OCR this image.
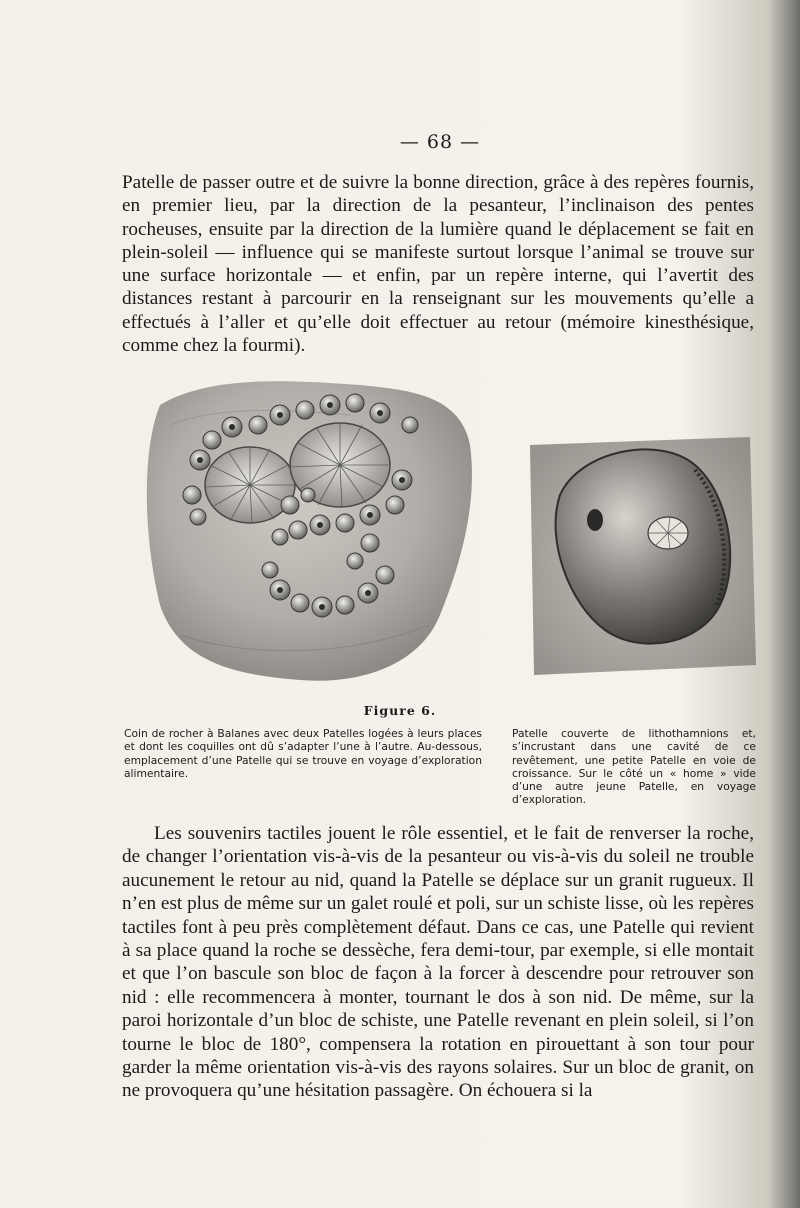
— 68 —

Patelle de passer outre et de suivre la bonne direction, grâce à des repères fournis, en premier lieu, par la direction de la pesanteur, l’inclinaison des pentes rocheuses, ensuite par la direction de la lumière quand le déplacement se fait en plein-soleil — influence qui se manifeste surtout lorsque l’animal se trouve sur une surface horizontale — et enfin, par un repère interne, qui l’avertit des distances restant à parcourir en la renseignant sur les mouvements qu’elle a effectués à l’aller et qu’elle doit effectuer au retour (mémoire kinesthésique, comme chez la fourmi).

Figure 6.

Coin de rocher à Balanes avec deux Patelles logées à leurs places et dont les coquilles ont dû s’adapter l’une à l’autre. Au-dessous, emplacement d’une Patelle qui se trouve en voyage d’exploration alimentaire.

Patelle couverte de lithothamnions et, s’incrustant dans une cavité de ce revêtement, une petite Patelle en voie de croissance. Sur le côté un « home » vide d’une autre jeune Patelle, en voyage d’exploration.

Les souvenirs tactiles jouent le rôle essentiel, et le fait de renverser la roche, de changer l’orientation vis-à-vis de la pesanteur ou vis-à-vis du soleil ne trouble aucunement le retour au nid, quand la Patelle se déplace sur un granit rugueux. Il n’en est plus de même sur un galet roulé et poli, sur un schiste lisse, où les repères tactiles font à peu près complètement défaut. Dans ce cas, une Patelle qui revient à sa place quand la roche se dessèche, fera demi-tour, par exemple, si elle montait et que l’on bascule son bloc de façon à la forcer à descendre pour retrouver son nid : elle recommencera à monter, tournant le dos à son nid. De même, sur la paroi horizontale d’un bloc de schiste, une Patelle revenant en plein soleil, si l’on tourne le bloc de 180°, compensera la rotation en pirouettant à son tour pour garder la même orientation vis-à-vis des rayons solaires. Sur un bloc de granit, on ne provoquera qu’une hésitation passagère. On échouera si la
